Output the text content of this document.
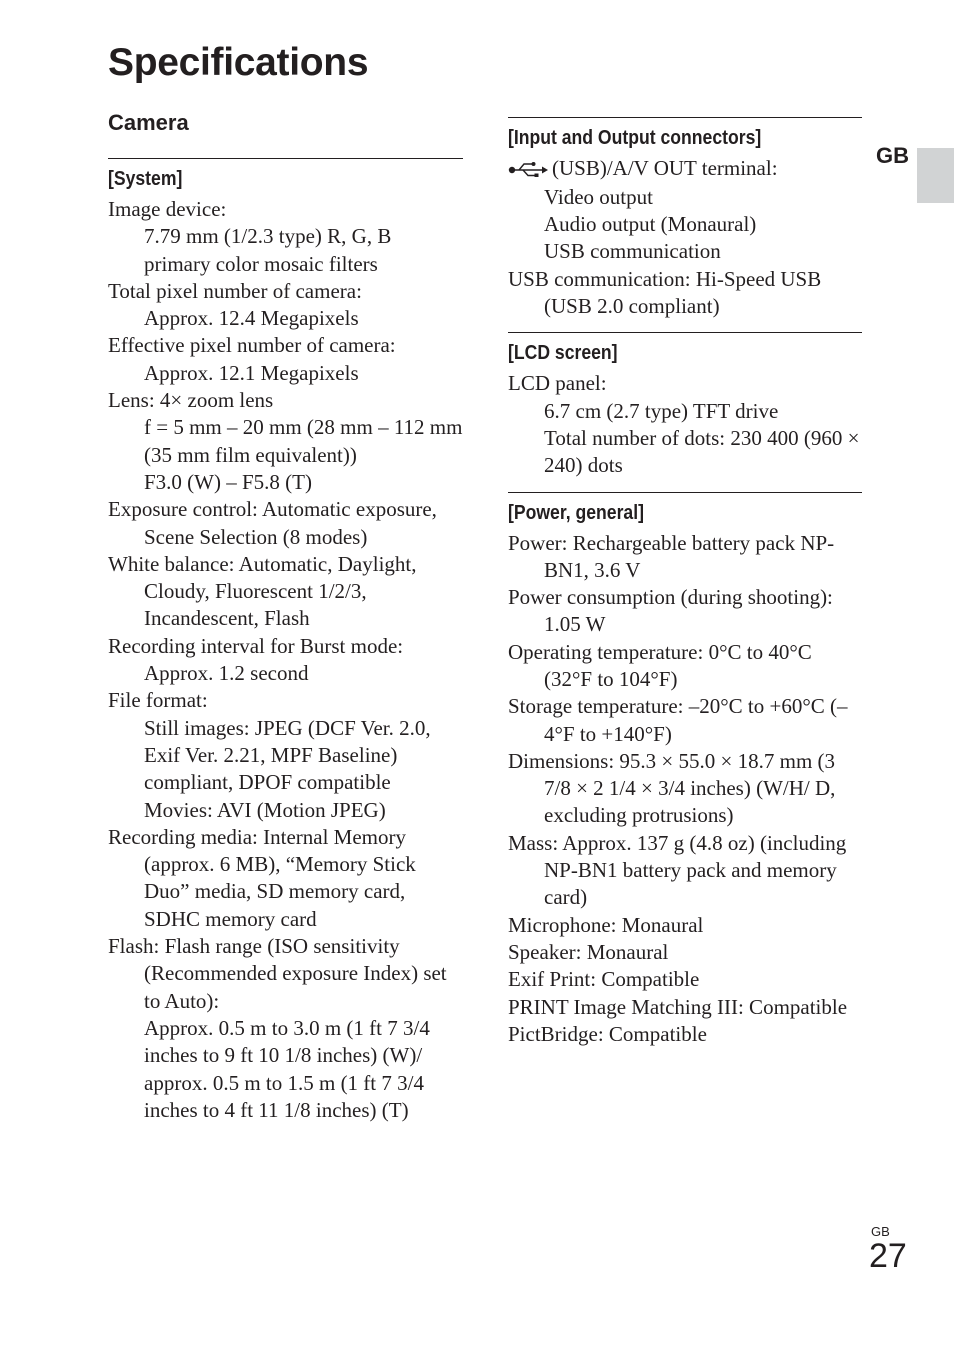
Specifications
Camera
[System]
Image device:
7.79 mm (1/2.3 type) R, G, B primary color mosaic filters
Total pixel number of camera:
Approx. 12.4 Megapixels
Effective pixel number of camera:
Approx. 12.1 Megapixels
Lens: 4× zoom lens
f = 5 mm – 20 mm (28 mm – 112 mm (35 mm film equivalent))
F3.0 (W) – F5.8 (T)
Exposure control: Automatic exposure, Scene Selection (8 modes)
White balance: Automatic, Daylight, Cloudy, Fluorescent 1/2/3, Incandescent, Flash
Recording interval for Burst mode:
Approx. 1.2 second
File format:
Still images: JPEG (DCF Ver. 2.0, Exif Ver. 2.21, MPF Baseline) compliant, DPOF compatible
Movies: AVI (Motion JPEG)
Recording media: Internal Memory (approx. 6 MB), “Memory Stick Duo” media, SD memory card, SDHC memory card
Flash: Flash range (ISO sensitivity (Recommended exposure Index) set to Auto):
Approx. 0.5 m to 3.0 m (1 ft 7 3/4 inches to 9 ft 10 1/8 inches) (W)/ approx. 0.5 m to 1.5 m (1 ft 7 3/4 inches to 4 ft 11 1/8 inches) (T)
[Input and Output connectors]
(USB)/A/V OUT terminal:
Video output
Audio output (Monaural)
USB communication
USB communication: Hi-Speed USB (USB 2.0 compliant)
[LCD screen]
LCD panel:
6.7 cm (2.7 type) TFT drive
Total number of dots: 230 400 (960 × 240) dots
[Power, general]
Power: Rechargeable battery pack NP-BN1, 3.6 V
Power consumption (during shooting): 1.05 W
Operating temperature: 0°C to 40°C (32°F to 104°F)
Storage temperature: –20°C to +60°C (–4°F to +140°F)
Dimensions: 95.3 × 55.0 × 18.7 mm (3 7/8 × 2 1/4 × 3/4 inches) (W/H/ D, excluding protrusions)
Mass: Approx. 137 g (4.8 oz) (including NP-BN1 battery pack and memory card)
Microphone: Monaural
Speaker: Monaural
Exif Print: Compatible
PRINT Image Matching III: Compatible
PictBridge: Compatible
GB
GB
27
